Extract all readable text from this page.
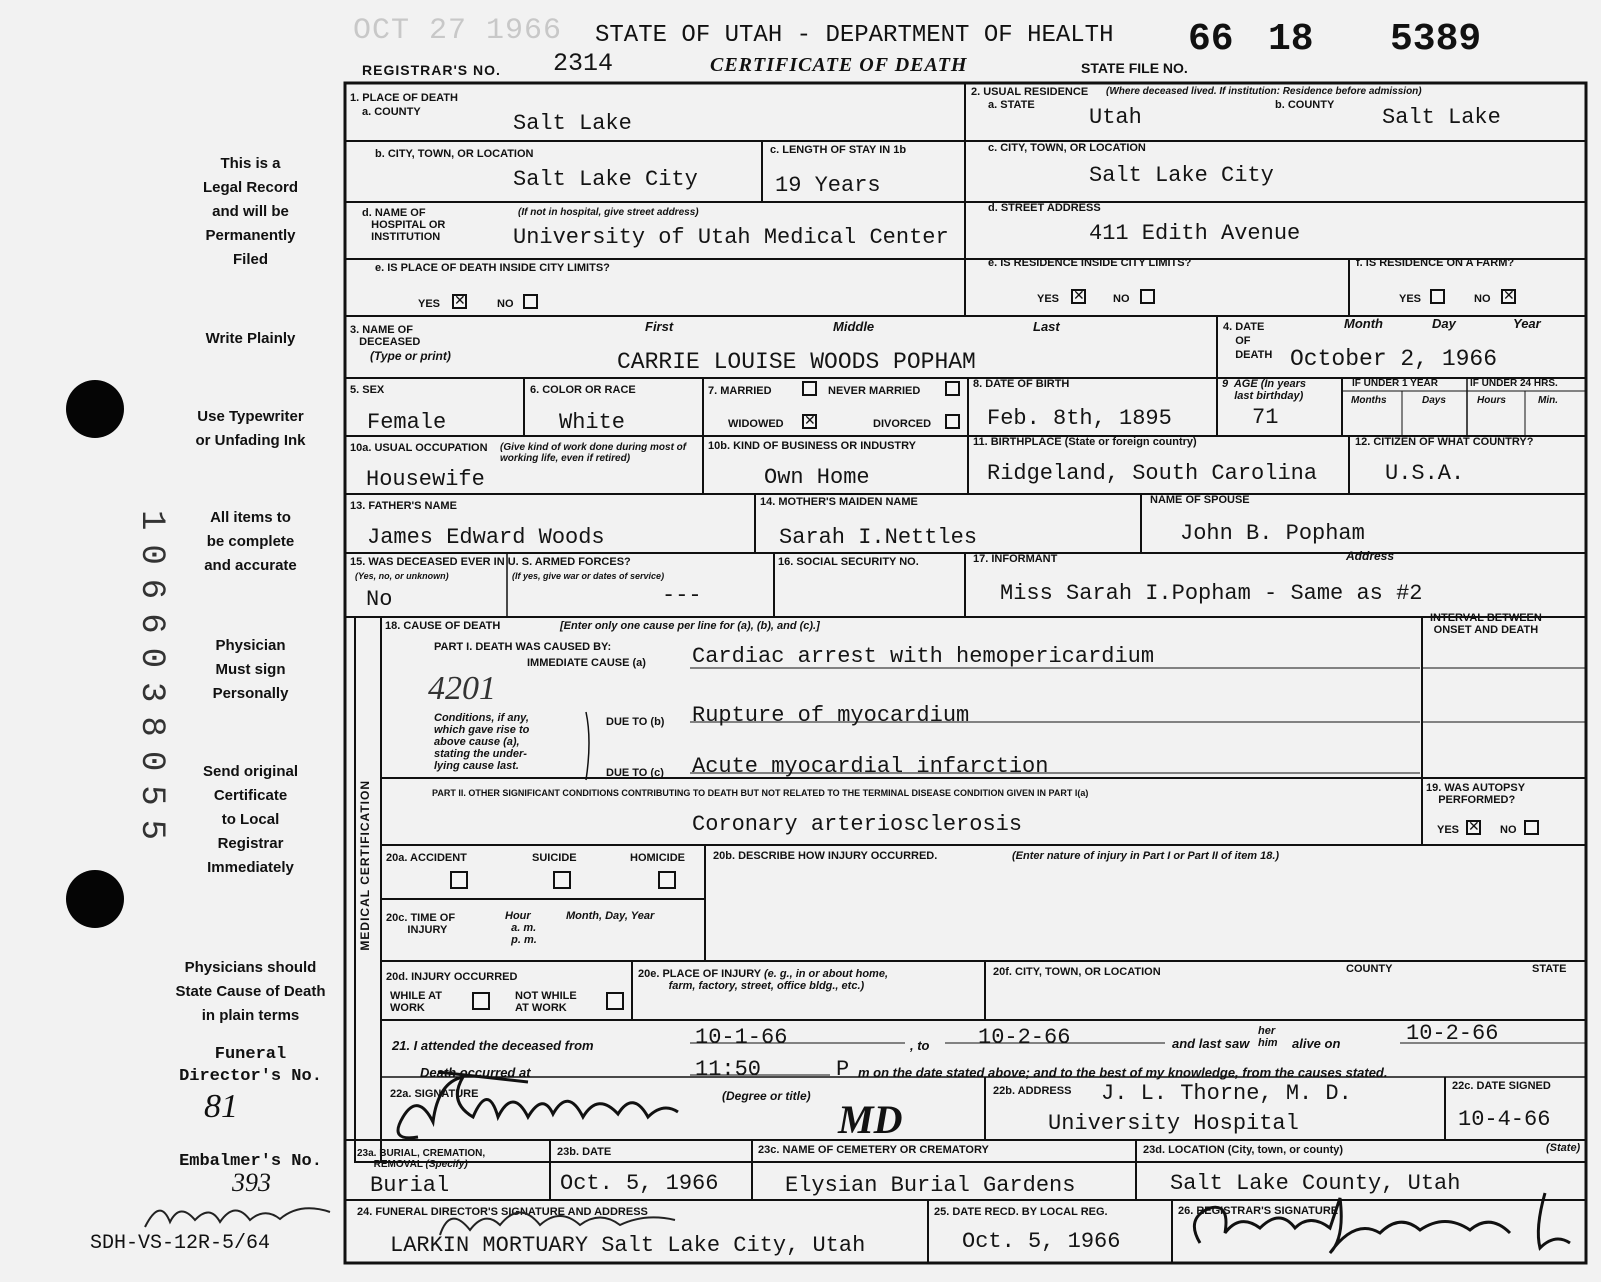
OCT 27 1966 STATE OF UTAH - DEPARTMENT OF HEALTH
REGISTRAR'S NO. 2314	CERTIFICATE OF DEATH	STATE FILE NO.
66 18 5389
This is a
Legal Record
and will be
Permanently
Filed
Write Plainly
Use Typewriter
or Unfading Ink
All items to
be complete
and accurate
Physician
Must sign
Personally
Send original
Certificate
to Local
Registrar
Immediately
Physicians should
State Cause of Death
in plain terms
Funeral
Director's No.
81
Embalmer's No.
393
SDH-VS-12R-5/64
1066038055
1. PLACE OF DEATH
a. COUNTY	Salt Lake
2. USUAL RESIDENCE (Where deceased lived. If institution: Residence before admission)
a. STATE	b. COUNTY
Utah	Salt Lake
b. CITY, TOWN, OR LOCATION
Salt Lake City
c. LENGTH OF STAY IN 1b
19 Years
c. CITY, TOWN, OR LOCATION
Salt Lake City
d. NAME OF
HOSPITAL OR
INSTITUTION
(If not in hospital, give street address)
University of Utah Medical Center
d. STREET ADDRESS
411 Edith Avenue
e. IS PLACE OF DEATH INSIDE CITY LIMITS?
YES ✕	NO
e. IS RESIDENCE INSIDE CITY LIMITS?
YES ✕	NO
f. IS RESIDENCE ON A FARM?
YES	NO ✕
3. NAME OF
DECEASED
(Type or print)
First	Middle	Last
CARRIE LOUISE WOODS POPHAM
4. DATE
OF
DEATH
Month	Day	Year
October 2, 1966
5. SEX
Female
6. COLOR OR RACE
White
7. MARRIED	NEVER MARRIED
WIDOWED ✕	DIVORCED
8. DATE OF BIRTH
Feb. 8th, 1895
9  AGE (In years
last birthday)
71
IF UNDER 1 YEAR	IF UNDER 24 HRS.
Months	Days	Hours	Min.
10a. USUAL OCCUPATION (Give kind of work done during most of working life, even if retired)
Housewife
10b. KIND OF BUSINESS OR INDUSTRY
Own Home
11. BIRTHPLACE (State or foreign country)
Ridgeland, South Carolina
12. CITIZEN OF WHAT COUNTRY?
U.S.A.
13. FATHER'S NAME
James Edward Woods
14. MOTHER'S MAIDEN NAME
Sarah I.Nettles
NAME OF SPOUSE
John B. Popham
15. WAS DECEASED EVER IN U. S. ARMED FORCES?
(Yes, no, or unknown)	(If yes, give war or dates of service)
No	---
16. SOCIAL SECURITY NO.	17. INFORMANT	Address
Miss Sarah I.Popham - Same as #2
MEDICAL CERTIFICATION
18. CAUSE OF DEATH	[Enter only one cause per line for (a), (b), and (c).]
INTERVAL BETWEEN
ONSET AND DEATH
PART I. DEATH WAS CAUSED BY:
IMMEDIATE CAUSE (a) Cardiac arrest with hemopericardium
4201
Conditions, if any,
which gave rise to
above cause (a),
stating the under-
lying cause last.
DUE TO (b) Rupture of myocardium
DUE TO (c) Acute myocardial infarction
PART II. OTHER SIGNIFICANT CONDITIONS CONTRIBUTING TO DEATH BUT NOT RELATED TO THE TERMINAL DISEASE CONDITION GIVEN IN PART I(a)
Coronary arteriosclerosis
19. WAS AUTOPSY
PERFORMED?
YES ✕ NO
20a. ACCIDENT	SUICIDE	HOMICIDE	20b. DESCRIBE HOW INJURY OCCURRED.	(Enter nature of injury in Part I or Part II of item 18.)
20c. TIME OF
INJURY
Hour
a. m.
p. m.
Month, Day, Year
20d. INJURY OCCURRED
WHILE AT
WORK
NOT WHILE
AT WORK
20e. PLACE OF INJURY (e. g., in or about home,
farm, factory, street, office bldg., etc.)
20f. CITY, TOWN, OR LOCATION	COUNTY	STATE
21. I attended the deceased from	10-1-66	, to 10-2-66	and last saw
her
him alive on	10-2-66
Death occurred at	11:50	P m on the date stated above; and to the best of my knowledge, from the causes stated.
22a. SIGNATURE	(Degree or title)
MD
22b. ADDRESS J. L. Thorne, M. D.
University Hospital
22c. DATE SIGNED
10-4-66
23a. BURIAL, CREMATION,
REMOVAL (Specify)
Burial
23b. DATE
Oct. 5, 1966
23c. NAME OF CEMETERY OR CREMATORY
Elysian Burial Gardens
23d. LOCATION (City, town, or county)	(State)
Salt Lake County, Utah
24. FUNERAL DIRECTOR'S SIGNATURE AND ADDRESS
LARKIN MORTUARY Salt Lake City, Utah
25. DATE RECD. BY LOCAL REG.
Oct. 5, 1966
26. REGISTRAR'S SIGNATURE
